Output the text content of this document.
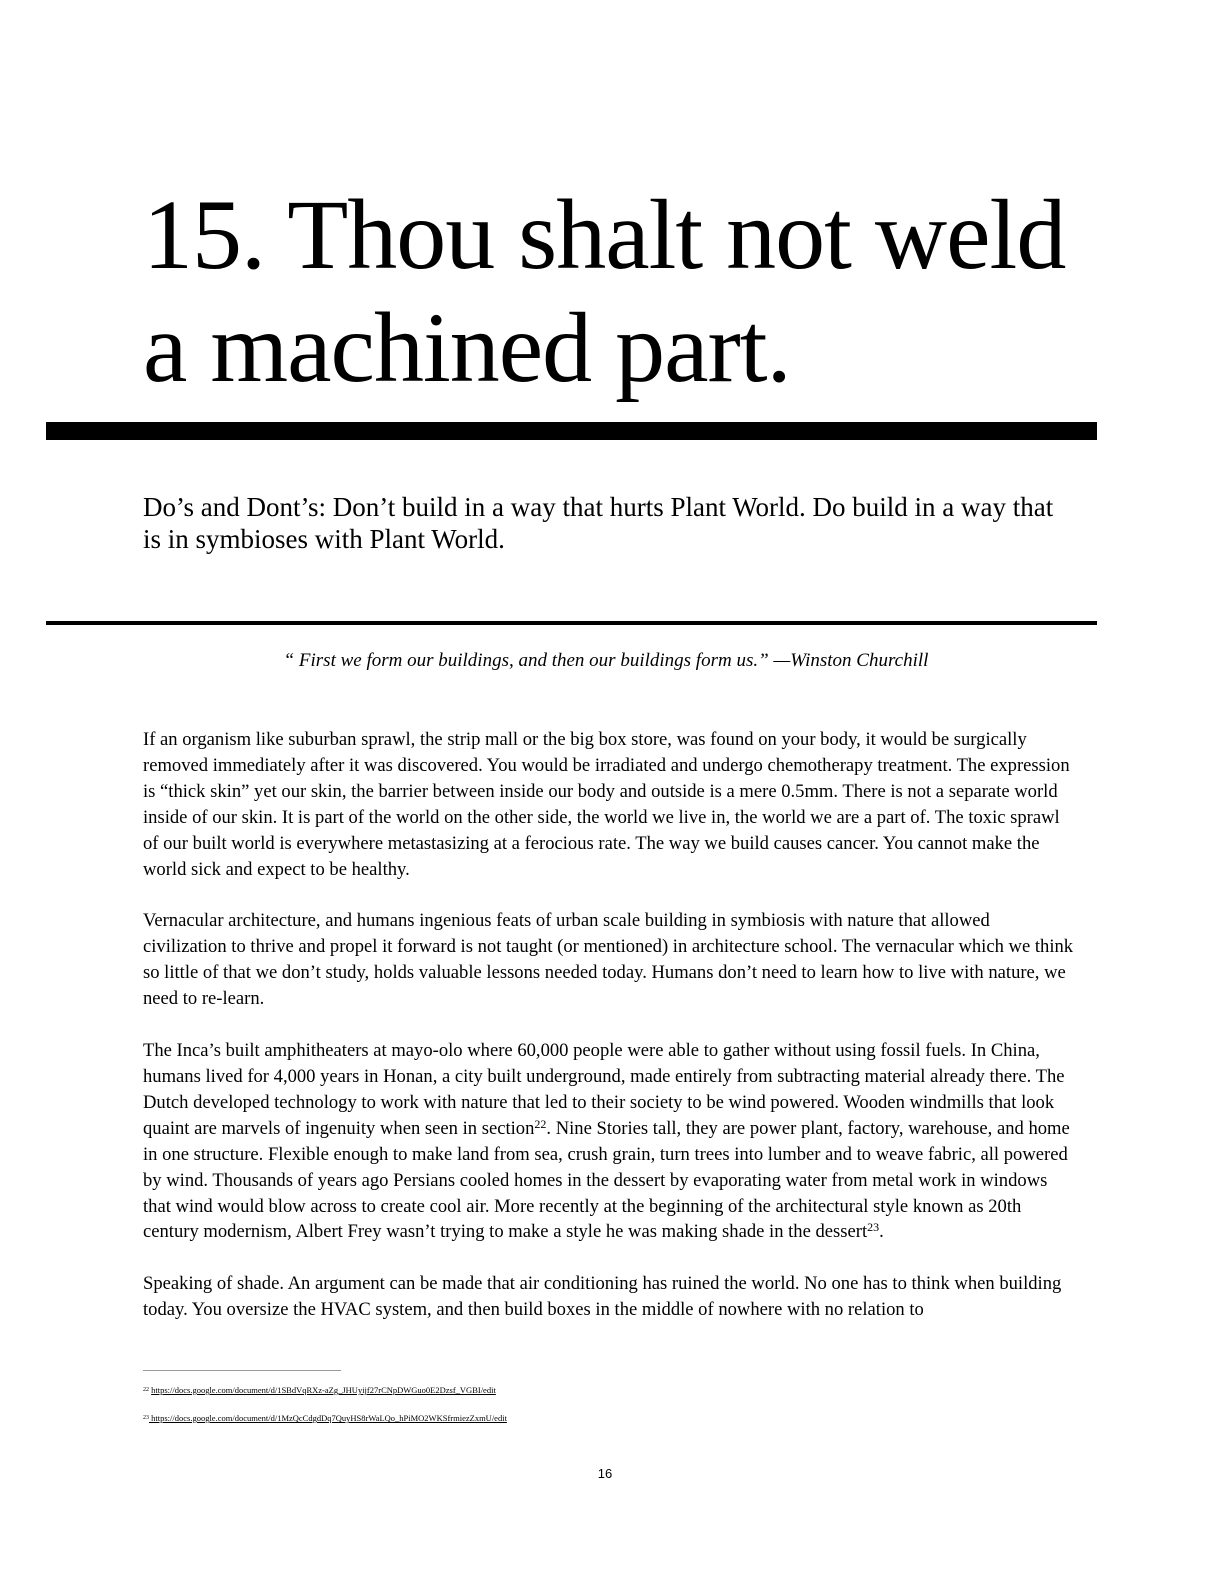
15. Thou shalt not weld
a machined part.

Do’s and Dont’s: Don’t build in a way that hurts Plant World. Do build in a way that is in symbioses with Plant World.

“ First we form our buildings, and then our buildings form us.” —Winston Churchill

If an organism like suburban sprawl, the strip mall or the big box store, was found on your body, it would be surgically removed immediately after it was discovered. You would be irradiated and undergo chemotherapy treatment. The expression is “thick skin” yet our skin, the barrier between inside our body and outside is a mere 0.5mm. There is not a separate world inside of our skin. It is part of the world on the other side, the world we live in, the world we are a part of. The toxic sprawl of our built world is everywhere metastasizing at a ferocious rate. The way we build causes cancer. You cannot make the world sick and expect to be healthy.

Vernacular architecture, and humans ingenious feats of urban scale building in symbiosis with nature that allowed civilization to thrive and propel it forward is not taught (or mentioned) in architecture school. The vernacular which we think so little of that we don’t study, holds valuable lessons needed today. Humans don’t need to learn how to live with nature, we need to re-learn.

The Inca’s built amphitheaters at mayo-olo where 60,000 people were able to gather without using fossil fuels. In China, humans lived for 4,000 years in Honan, a city built underground, made entirely from subtracting material already there. The Dutch developed technology to work with nature that led to their society to be wind powered. Wooden windmills that look quaint are marvels of ingenuity when seen in section$^{22}$. Nine Stories tall, they are power plant, factory, warehouse, and home in one structure. Flexible enough to make land from sea, crush grain, turn trees into lumber and to weave fabric, all powered by wind. Thousands of years ago Persians cooled homes in the dessert by evaporating water from metal work in windows that wind would blow across to create cool air. More recently at the beginning of the architectural style known as 20th century modernism, Albert Frey wasn’t trying to make a style he was making shade in the dessert$^{23}$.

Speaking of shade. An argument can be made that air conditioning has ruined the world. No one has to think when building today. You oversize the HVAC system, and then build boxes in the middle of nowhere with no relation to

$^{22}$ https://docs.google.com/document/d/1SBdVqRXz-aZg_JHUyijf27rCNpDWGuo0E2Dzsf_VGBI/edit

$^{23}$ https://docs.google.com/document/d/1MzQcCdgdDq7QuyHS8rWaLQo_hPiMO2WKSfrmiezZxmU/edit

16
